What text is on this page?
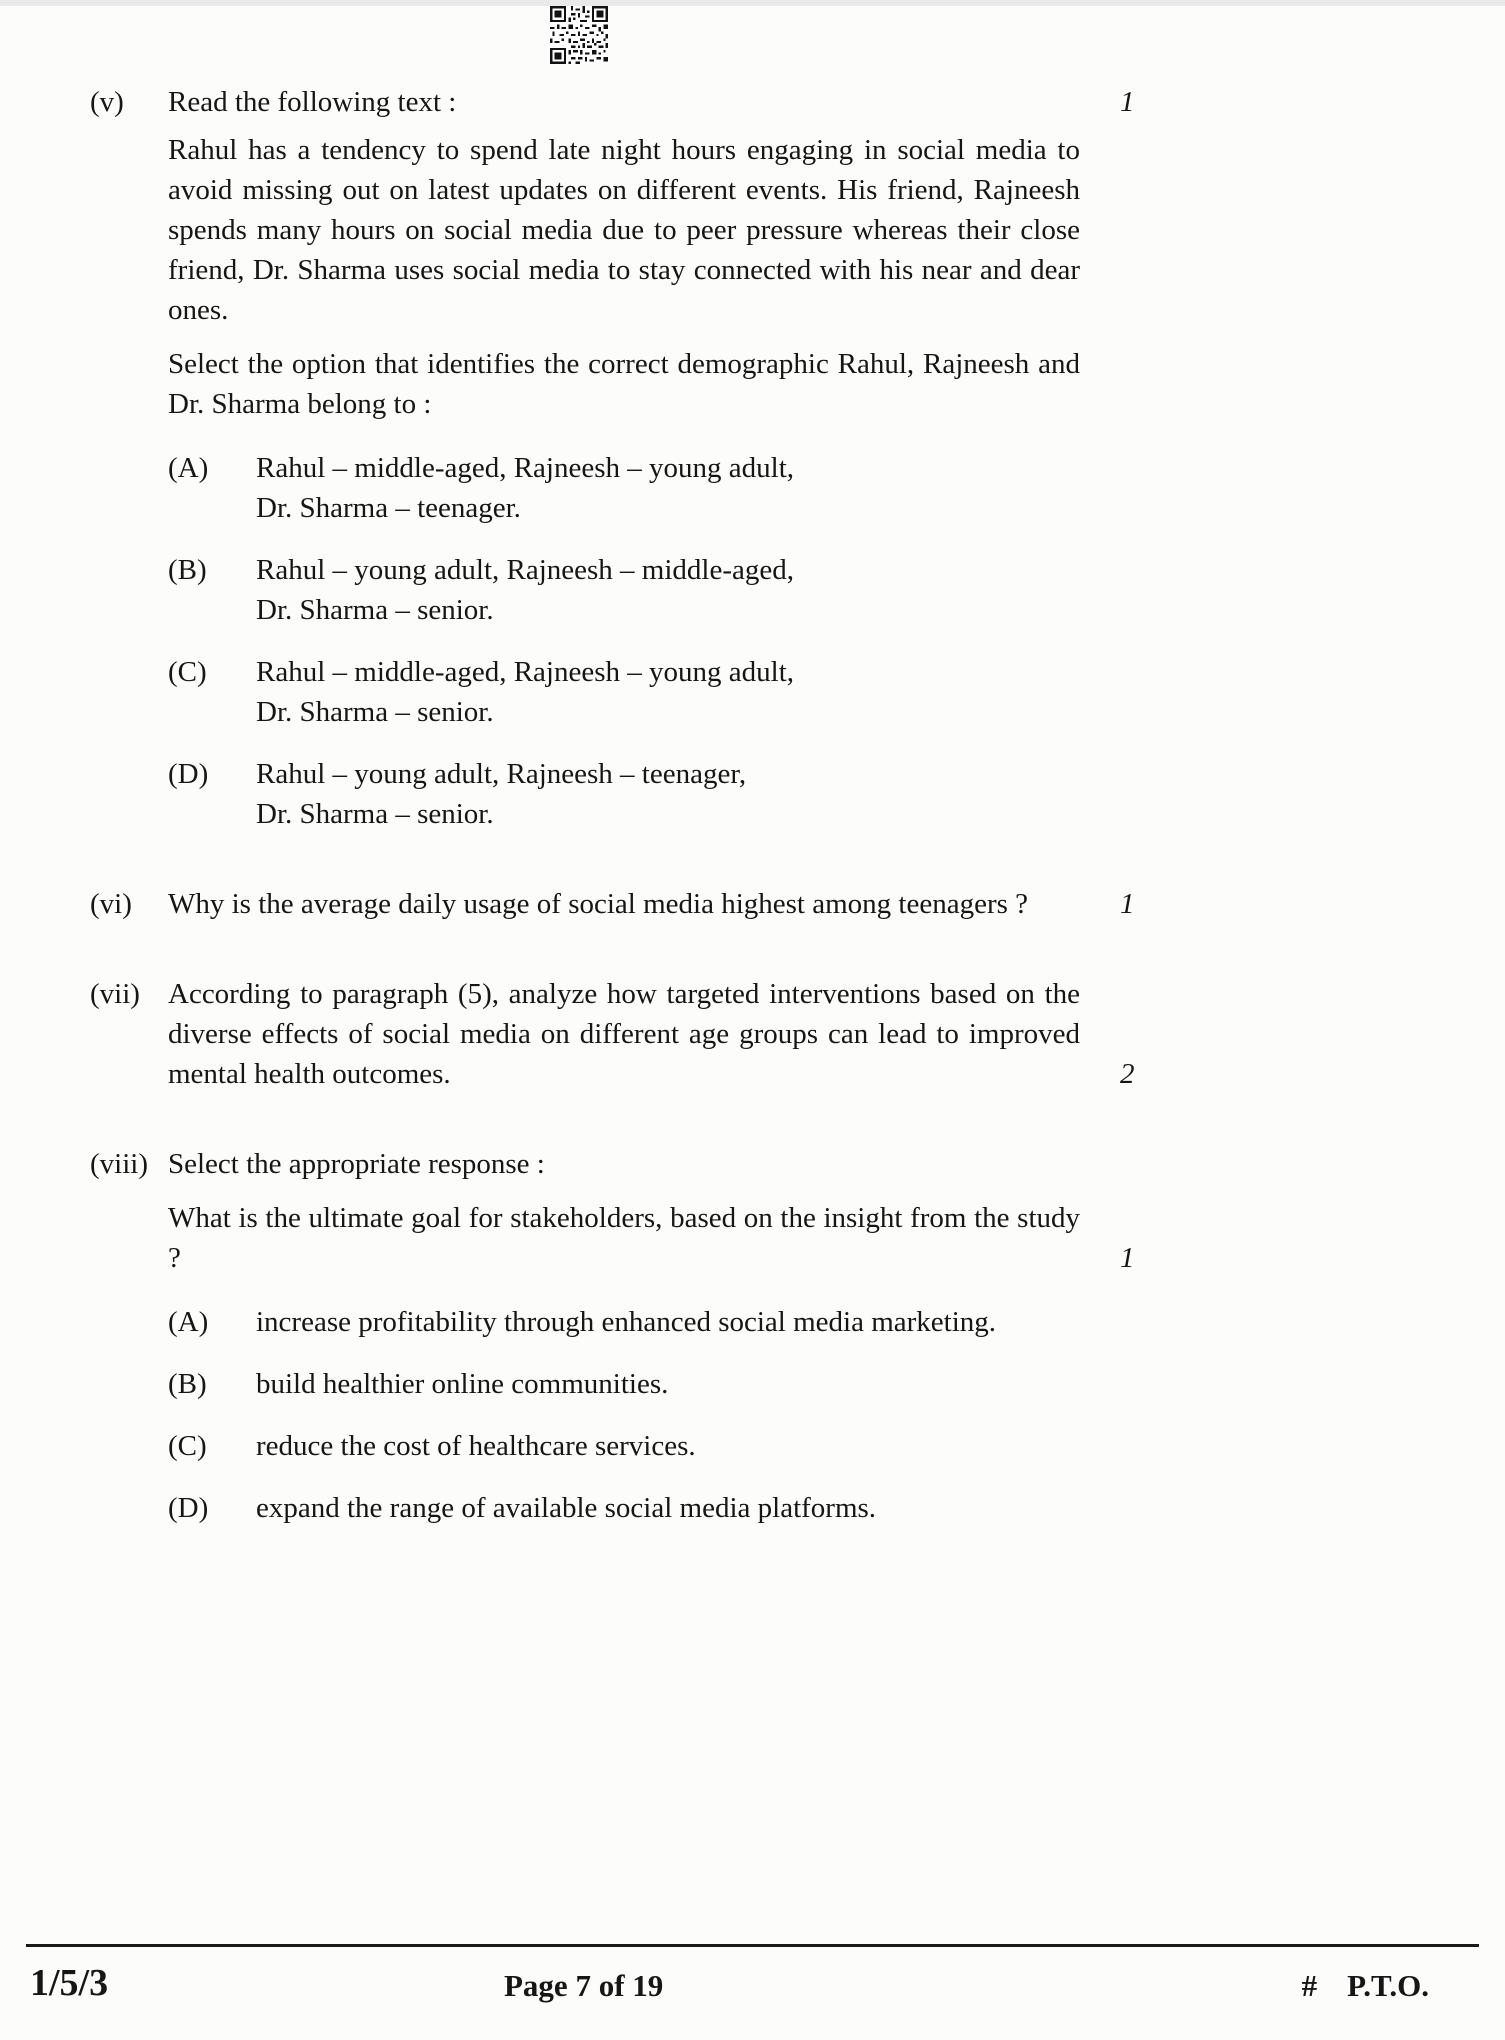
(v)	Read the following text :	1
Rahul has a tendency to spend late night hours engaging in social media to avoid missing out on latest updates on different events. His friend, Rajneesh spends many hours on social media due to peer pressure whereas their close friend, Dr. Sharma uses social media to stay connected with his near and dear ones.
Select the option that identifies the correct demographic Rahul, Rajneesh and Dr. Sharma belong to :
(A)	Rahul – middle-aged, Rajneesh – young adult,
Dr. Sharma – teenager.
(B)	Rahul – young adult, Rajneesh – middle-aged,
Dr. Sharma – senior.
(C)	Rahul – middle-aged, Rajneesh – young adult,
Dr. Sharma – senior.
(D)	Rahul – young adult, Rajneesh – teenager,
Dr. Sharma – senior.
(vi)	Why is the average daily usage of social media highest among teenagers ?	1
(vii) According to paragraph (5), analyze how targeted interventions based on the diverse effects of social media on different age groups can lead to improved mental health outcomes.	2
(viii) Select the appropriate response :
What is the ultimate goal for stakeholders, based on the insight from the study ?	1
(A)	increase profitability through enhanced social media marketing.
(B)	build healthier online communities.
(C)	reduce the cost of healthcare services.
(D)	expand the range of available social media platforms.
1/5/3	Page 7 of 19	# P.T.O.
